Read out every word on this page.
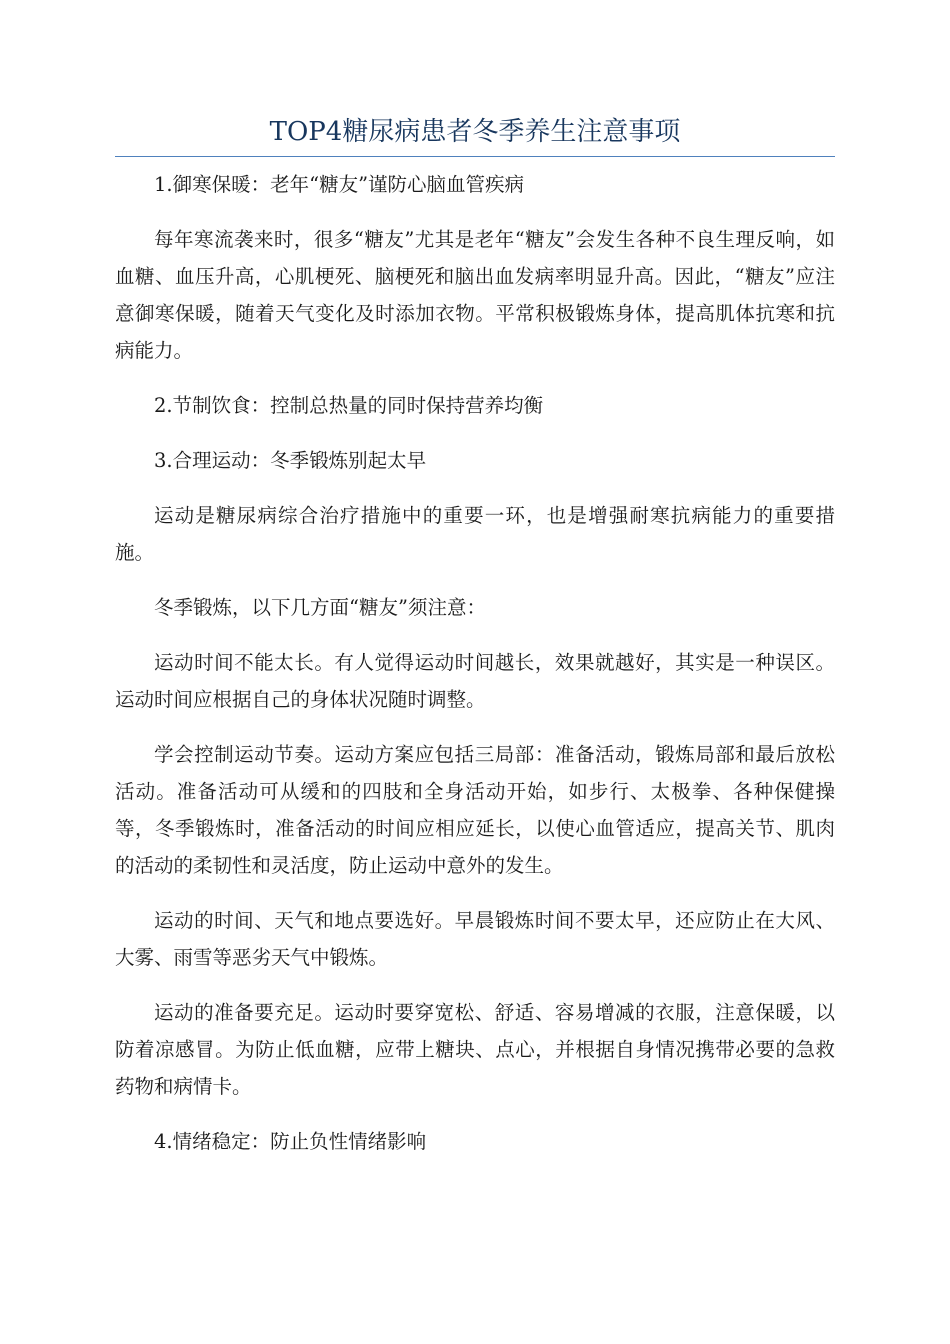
TOP4糖尿病患者冬季养生注意事项

1.御寒保暖：老年“糖友”谨防心脑血管疾病

每年寒流袭来时，很多“糖友”尤其是老年“糖友”会发生各种不良生理反响，如血糖、血压升高，心肌梗死、脑梗死和脑出血发病率明显升高。因此，“糖友”应注意御寒保暖，随着天气变化及时添加衣物。平常积极锻炼身体，提高肌体抗寒和抗病能力。

2.节制饮食：控制总热量的同时保持营养均衡

3.合理运动：冬季锻炼别起太早

运动是糖尿病综合治疗措施中的重要一环，也是增强耐寒抗病能力的重要措施。

冬季锻炼，以下几方面“糖友”须注意：

运动时间不能太长。有人觉得运动时间越长，效果就越好，其实是一种误区。运动时间应根据自己的身体状况随时调整。

学会控制运动节奏。运动方案应包括三局部：准备活动，锻炼局部和最后放松活动。准备活动可从缓和的四肢和全身活动开始，如步行、太极拳、各种保健操等，冬季锻炼时，准备活动的时间应相应延长，以使心血管适应，提高关节、肌肉的活动的柔韧性和灵活度，防止运动中意外的发生。

运动的时间、天气和地点要选好。早晨锻炼时间不要太早，还应防止在大风、大雾、雨雪等恶劣天气中锻炼。

运动的准备要充足。运动时要穿宽松、舒适、容易增减的衣服，注意保暖，以防着凉感冒。为防止低血糖，应带上糖块、点心，并根据自身情况携带必要的急救药物和病情卡。

4.情绪稳定：防止负性情绪影响
